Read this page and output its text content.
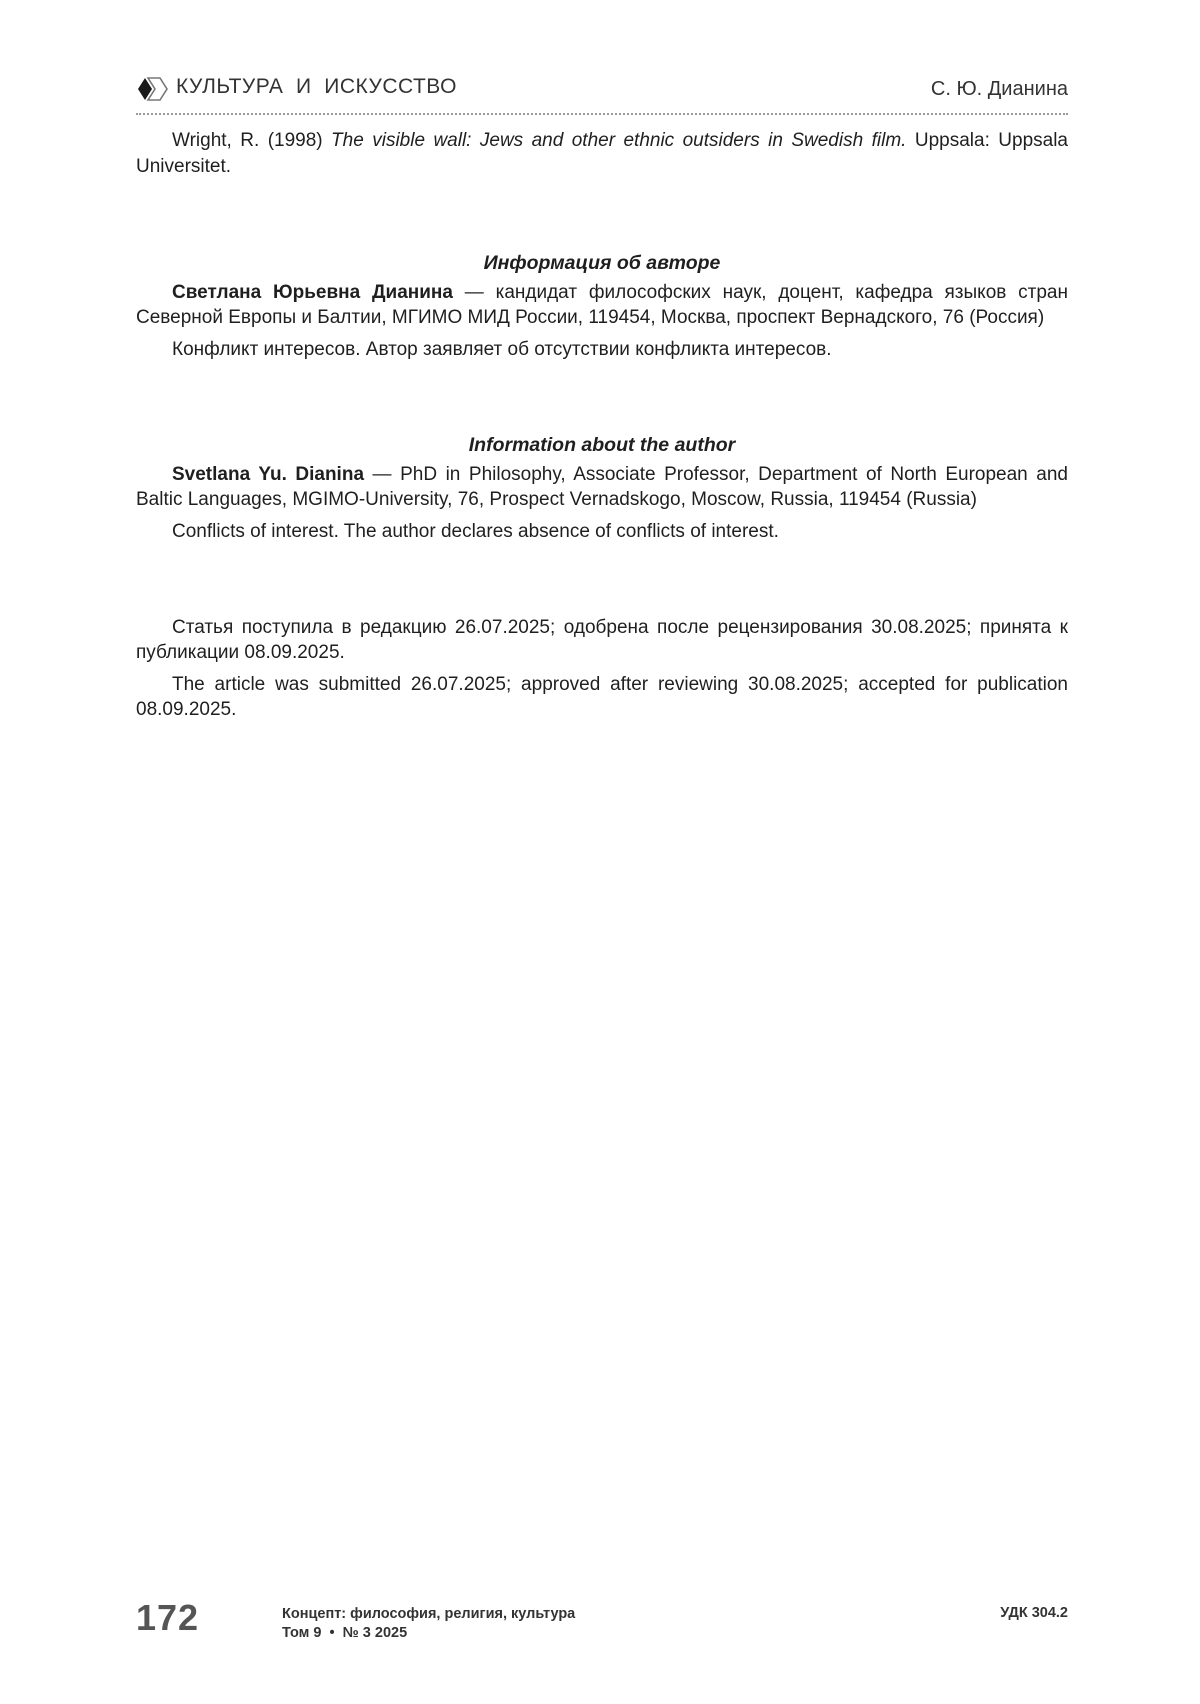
КУЛЬТУРА  И  ИСКУССТВО	С. Ю. Дианина

Wright, R. (1998) The visible wall: Jews and other ethnic outsiders in Swedish film. Uppsala: Uppsala Universitet.

Информация об авторе

Светлана Юрьевна Дианина — кандидат философских наук, доцент, кафедра языков стран Северной Европы и Балтии, МГИМО МИД России, 119454, Москва, проспект Вернадского, 76 (Россия)

Конфликт интересов. Автор заявляет об отсутствии конфликта интересов.

Information about the author

Svetlana Yu. Dianina — PhD in Philosophy, Associate Professor, Department of North European and Baltic Languages, MGIMO-University, 76, Prospect Vernadskogo, Moscow, Russia, 119454 (Russia)

Conflicts of interest. The author declares absence of conflicts of interest.

Статья поступила в редакцию 26.07.2025; одобрена после рецензирования 30.08.2025; принята к публикации 08.09.2025.

The article was submitted 26.07.2025; approved after reviewing 30.08.2025; accepted for publication 08.09.2025.

172	Концепт: философия, религия, культура
Том 9  •  № 3 2025
УДК 304.2
